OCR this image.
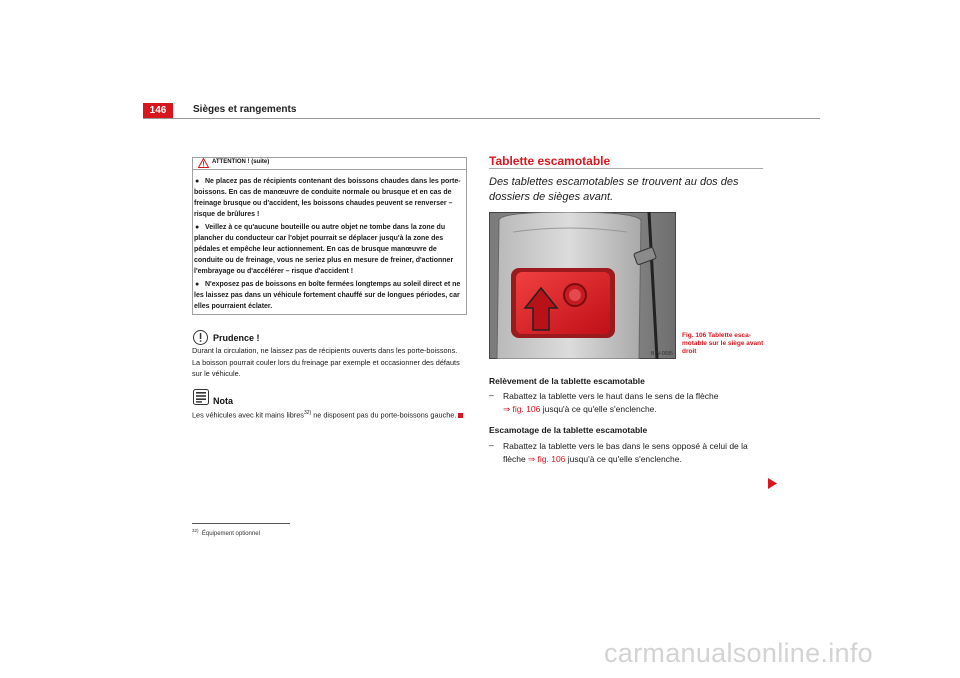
146	Sièges et rangements
ATTENTION ! (suite)
● Ne placez pas de récipients contenant des boissons chaudes dans les porte-boissons. En cas de manœuvre de conduite normale ou brusque et en cas de freinage brusque ou d'accident, les boissons chaudes peuvent se renverser – risque de brûlures !
● Veillez à ce qu'aucune bouteille ou autre objet ne tombe dans la zone du plancher du conducteur car l'objet pourrait se déplacer jusqu'à la zone des pédales et empêche leur actionnement. En cas de brusque manœuvre de conduite ou de freinage, vous ne seriez plus en mesure de freiner, d'actionner l'embrayage ou d'accélérer – risque d'accident !
● N'exposez pas de boissons en boîte fermées longtemps au soleil direct et ne les laissez pas dans un véhicule fortement chauffé sur de longues périodes, car elles pourraient éclater.
Prudence !
Durant la circulation, ne laissez pas de récipients ouverts dans les porte-boissons. La boisson pourrait couler lors du freinage par exemple et occasionner des défauts sur le véhicule.
Nota
Les véhicules avec kit mains libres$^{32)}$ ne disposent pas du porte-boissons gauche.
Tablette escamotable
Des tablettes escamotables se trouvent au dos des dossiers de sièges avant.
B7V-0095
Fig. 106 Tablette esca-
motable sur le siège avant
droit
Relèvement de la tablette escamotable
– Rabattez la tablette vers le haut dans le sens de la flèche
⇒ fig. 106 jusqu'à ce qu'elle s'enclenche.
Escamotage de la tablette escamotable
– Rabattez la tablette vers le bas dans le sens opposé à celui de la flèche ⇒ fig. 106 jusqu'à ce qu'elle s'enclenche.
$^{32)}$  Équipement optionnel
carmanualsonline.info
